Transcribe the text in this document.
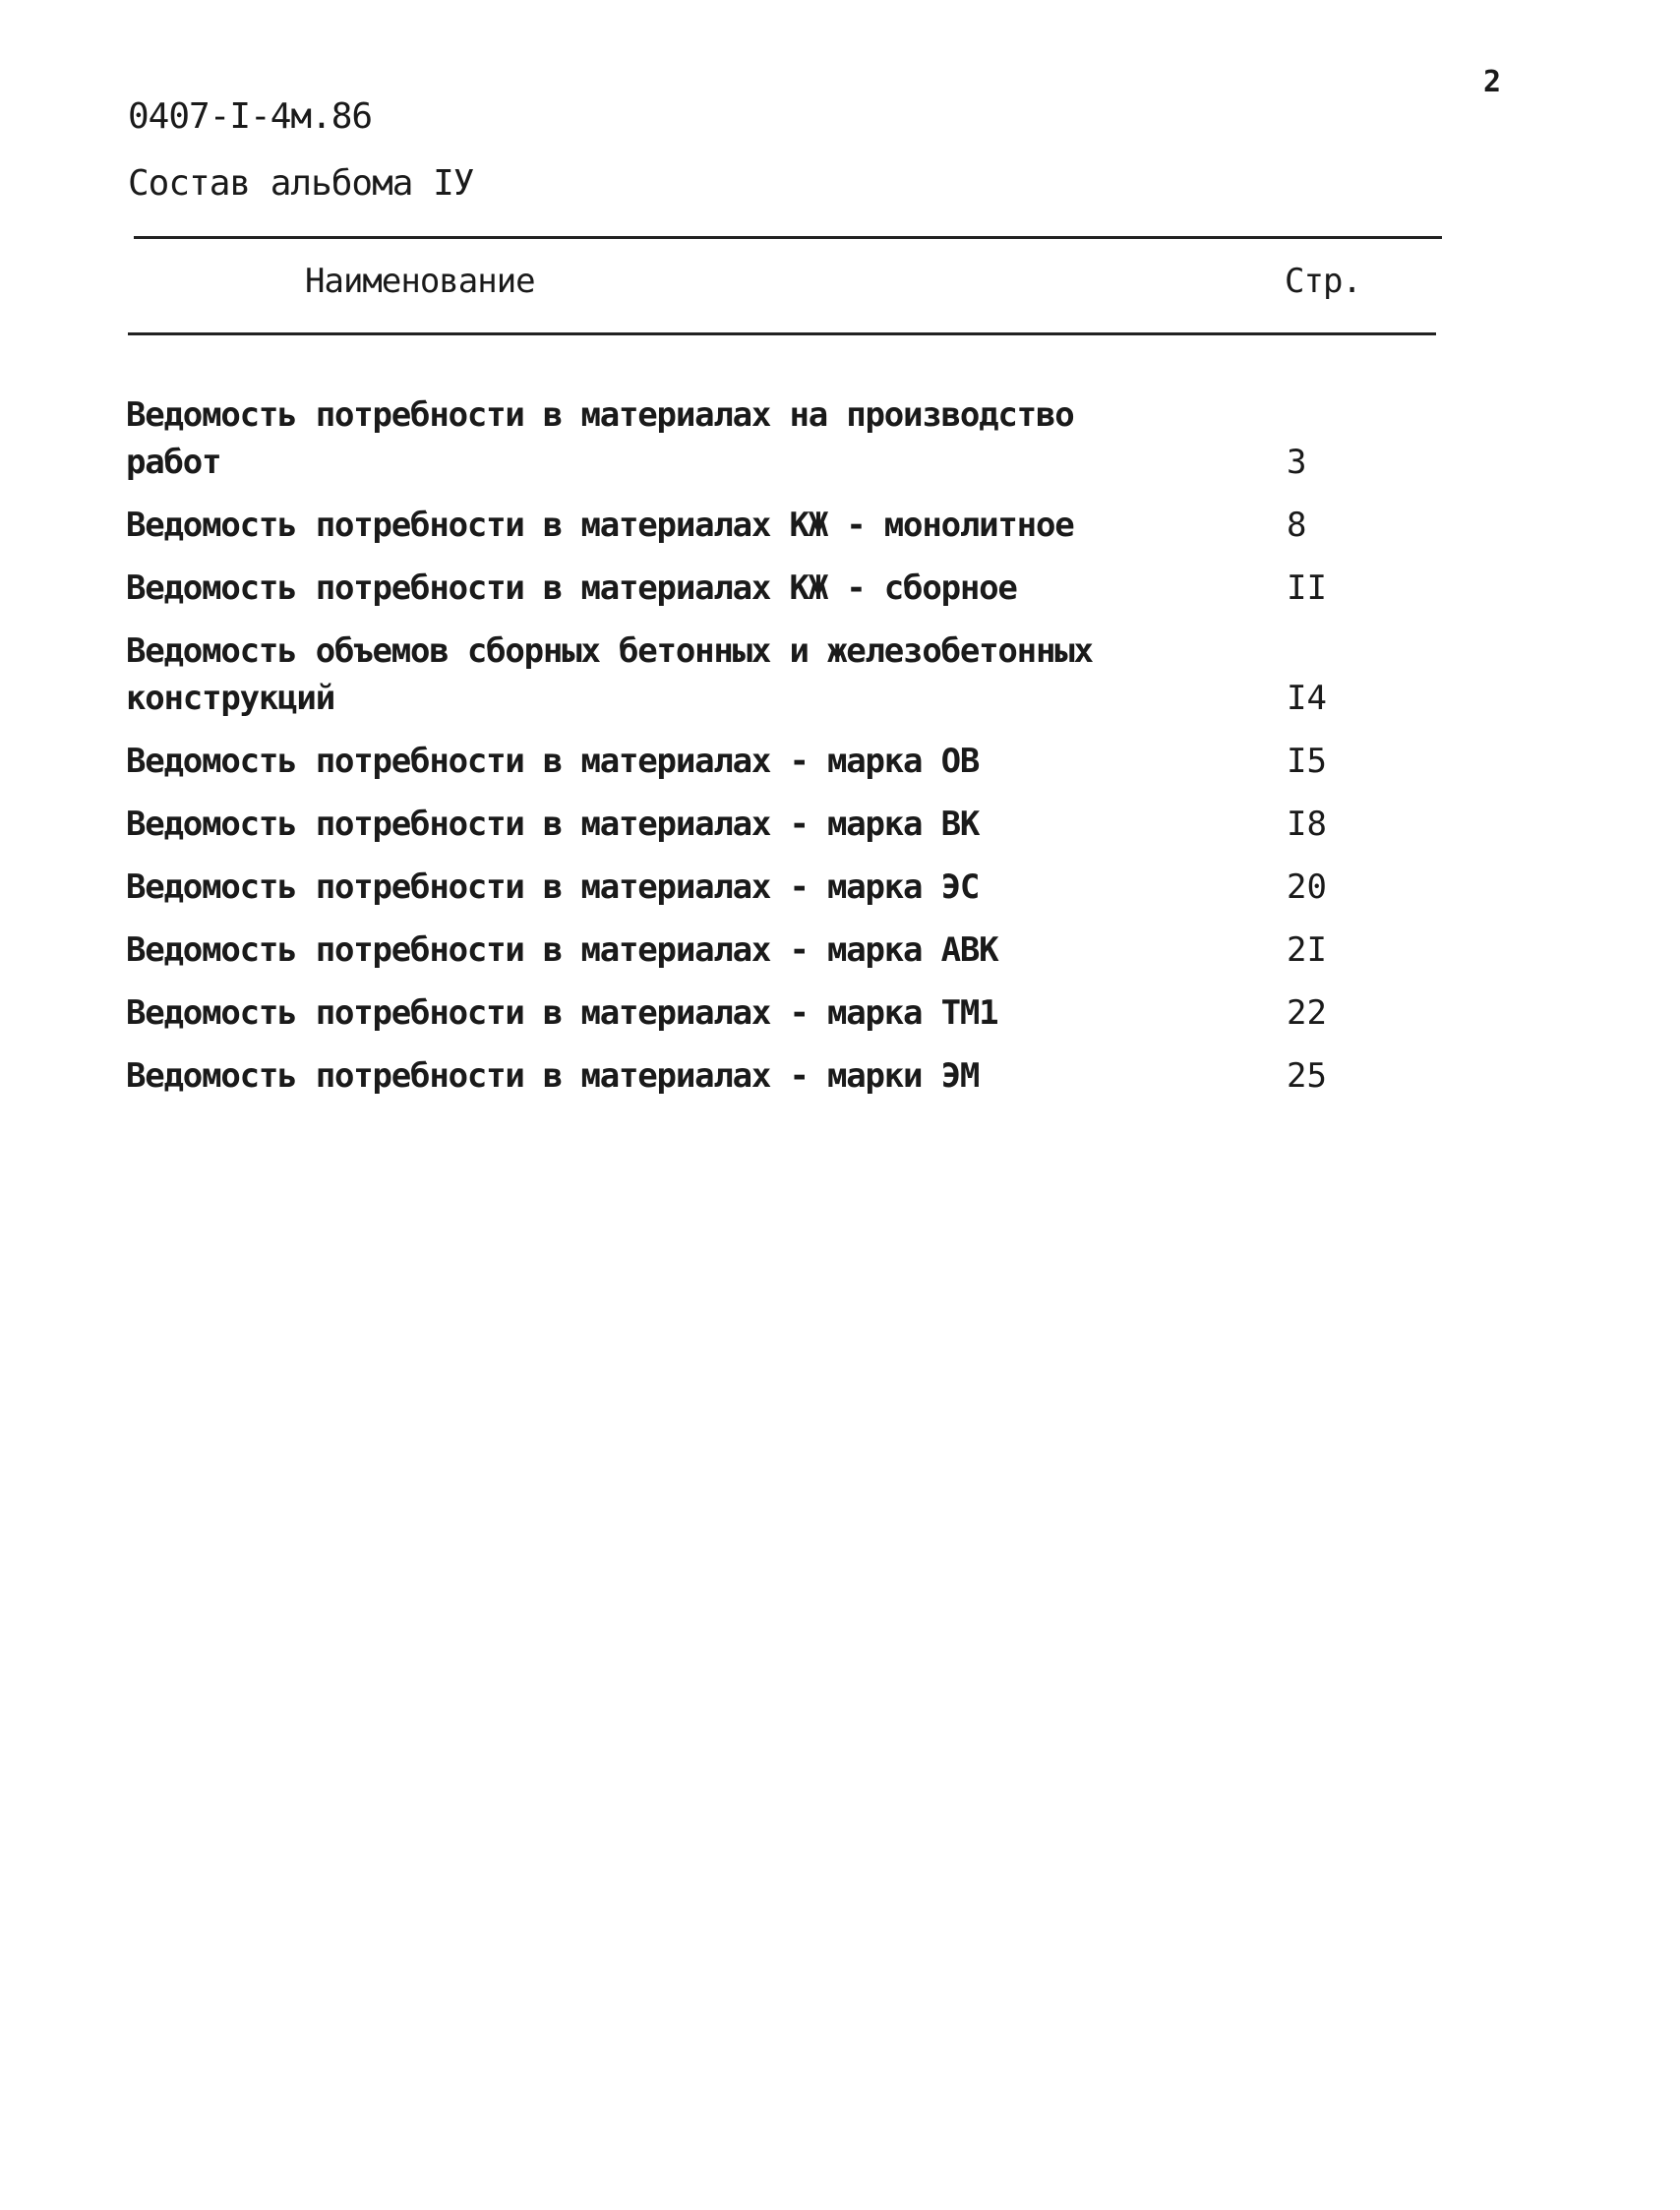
2
0407-I-4м.86
Состав альбома IУ
Наименование	Стр.
Ведомость потребности в материалах на производство
работ	3
Ведомость потребности в материалах КЖ - монолитное	8
Ведомость потребности в материалах КЖ - сборное	II
Ведомость объемов сборных бетонных и железобетонных
конструкций	I4
Ведомость потребности в материалах - марка ОВ	I5
Ведомость потребности в материалах - марка ВК	I8
Ведомость потребности в материалах - марка ЭС	20
Ведомость потребности в материалах - марка АВК	2I
Ведомость потребности в материалах - марка ТМ1	22
Ведомость потребности в материалах - марки ЭМ	25
